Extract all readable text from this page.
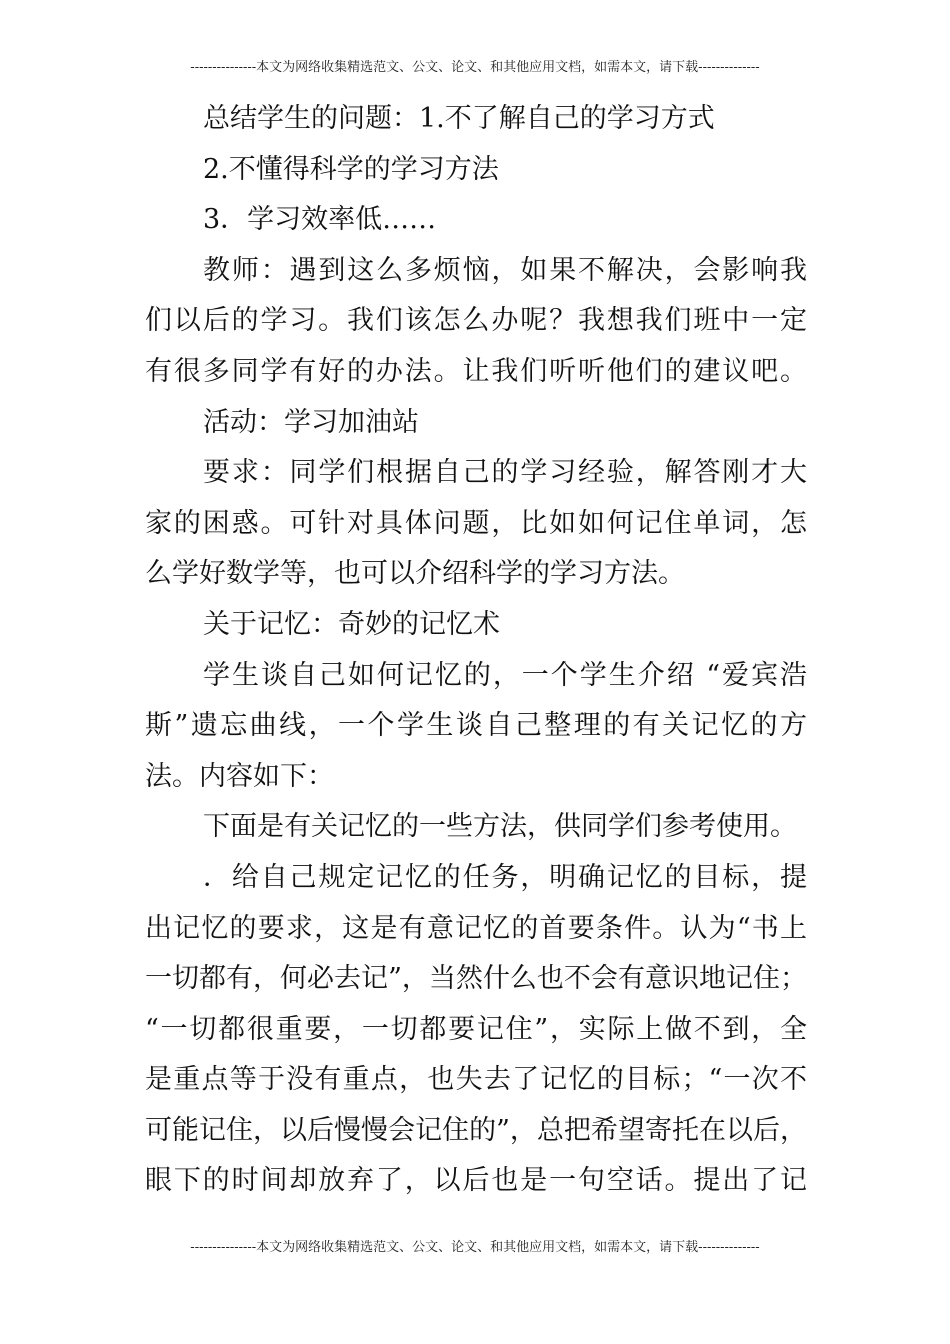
---------------本文为网络收集精选范文、公文、论文、和其他应用文档，如需本文，请下载--------------
总结学生的问题：1.不了解自己的学习方式
2.不懂得科学的学习方法
3．学习效率低……
教师：遇到这么多烦恼，如果不解决，会影响我
们以后的学习。我们该怎么办呢？我想我们班中一定
有很多同学有好的办法。让我们听听他们的建议吧。
活动：学习加油站
要求：同学们根据自己的学习经验，解答刚才大
家的困惑。可针对具体问题，比如如何记住单词，怎
么学好数学等，也可以介绍科学的学习方法。
关于记忆：奇妙的记忆术
学生谈自己如何记忆的，一个学生介绍 “爱宾浩
斯”遗忘曲线，一个学生谈自己整理的有关记忆的方
法。内容如下：
下面是有关记忆的一些方法，供同学们参考使用。
．给自己规定记忆的任务，明确记忆的目标，提
出记忆的要求，这是有意记忆的首要条件。认为“书上
一切都有，何必去记”，当然什么也不会有意识地记住；
“一切都很重要，一切都要记住”，实际上做不到，全
是重点等于没有重点，也失去了记忆的目标；“一次不
可能记住，以后慢慢会记住的”，总把希望寄托在以后，
眼下的时间却放弃了，以后也是一句空话。提出了记
---------------本文为网络收集精选范文、公文、论文、和其他应用文档，如需本文，请下载--------------
